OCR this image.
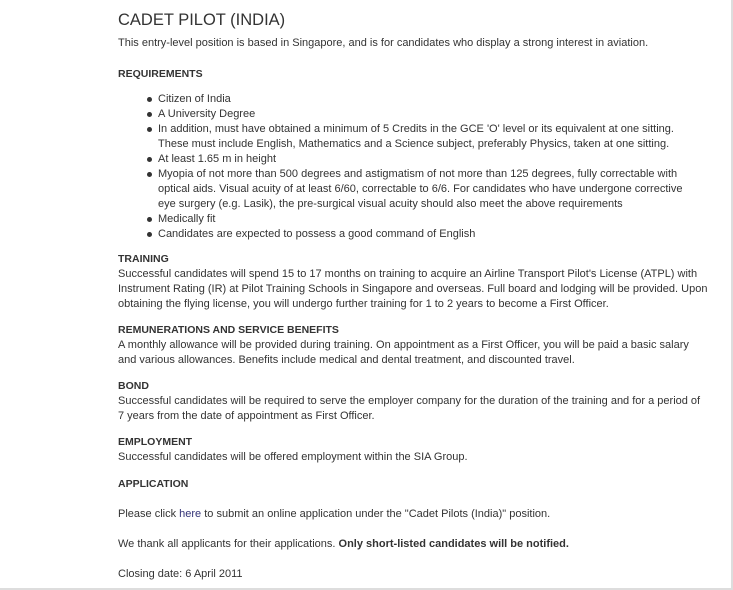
CADET PILOT (INDIA)
This entry-level position is based in Singapore, and is for candidates who display a strong interest in aviation.
REQUIREMENTS
Citizen of India
A University Degree
In addition, must have obtained a minimum of 5 Credits in the GCE 'O' level or its equivalent at one sitting. These must include English, Mathematics and a Science subject, preferably Physics, taken at one sitting.
At least 1.65 m in height
Myopia of not more than 500 degrees and astigmatism of not more than 125 degrees, fully correctable with optical aids. Visual acuity of at least 6/60, correctable to 6/6. For candidates who have undergone corrective eye surgery (e.g. Lasik), the pre-surgical visual acuity should also meet the above requirements
Medically fit
Candidates are expected to possess a good command of English
TRAINING

Successful candidates will spend 15 to 17 months on training to acquire an Airline Transport Pilot's License (ATPL) with Instrument Rating (IR) at Pilot Training Schools in Singapore and overseas. Full board and lodging will be provided. Upon obtaining the flying license, you will undergo further training for 1 to 2 years to become a First Officer.

REMUNERATIONS AND SERVICE BENEFITS

A monthly allowance will be provided during training. On appointment as a First Officer, you will be paid a basic salary and various allowances. Benefits include medical and dental treatment, and discounted travel.

BOND

Successful candidates will be required to serve the employer company for the duration of the training and for a period of 7 years from the date of appointment as First Officer.

EMPLOYMENT

Successful candidates will be offered employment within the SIA Group.

APPLICATION
Please click here to submit an online application under the "Cadet Pilots (India)" position.
We thank all applicants for their applications. Only short-listed candidates will be notified.
Closing date: 6 April 2011
